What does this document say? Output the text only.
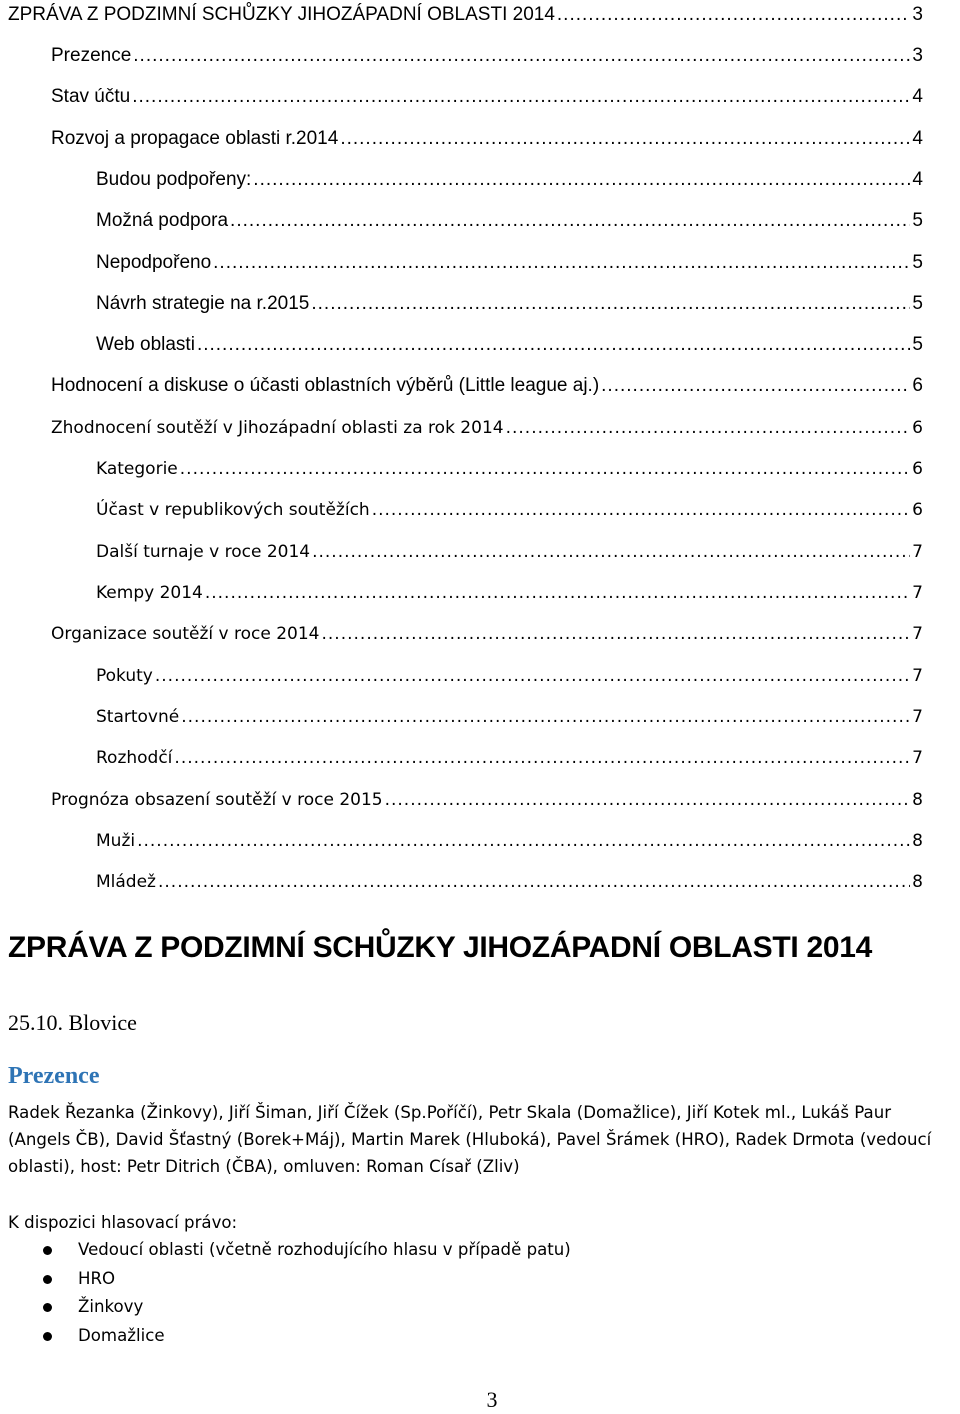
ZPRÁVA Z PODZIMNÍ SCHŮZKY JIHOZÁPADNÍ OBLASTI 2014 .....	3
Prezence .....	3
Stav účtu .....	4
Rozvoj a propagace oblasti r.2014 .....	4
Budou podpořeny: .....	4
Možná podpora .....	5
Nepodpořeno .....	5
Návrh strategie na r.2015 .....	5
Web oblasti .....	5
Hodnocení a diskuse o účasti oblastních výběrů (Little league aj.) .....	6
Zhodnocení soutěží v Jihozápadní oblasti za rok 2014 .....	6
Kategorie .....	6
Účast v republikových soutěžích .....	6
Další turnaje v roce 2014 .....	7
Kempy 2014 .....	7
Organizace soutěží v roce 2014 .....	7
Pokuty .....	7
Startovné .....	7
Rozhodčí .....	7
Prognóza obsazení soutěží v roce 2015 .....	8
Muži .....	8
Mládež .....	8
ZPRÁVA Z PODZIMNÍ SCHŮZKY JIHOZÁPADNÍ OBLASTI 2014
25.10. Blovice
Prezence
Radek Řezanka (Žinkovy), Jiří Šiman, Jiří Čížek (Sp.Poříčí), Petr Skala (Domažlice), Jiří Kotek ml., Lukáš Paur (Angels ČB), David Šťastný (Borek+Máj), Martin Marek (Hluboká), Pavel Šrámek (HRO), Radek Drmota (vedoucí oblasti), host: Petr Ditrich (ČBA), omluven: Roman Císař (Zliv)
K dispozici hlasovací právo:
Vedoucí oblasti (včetně rozhodujícího hlasu v případě patu)
HRO
Žinkovy
Domažlice
3
